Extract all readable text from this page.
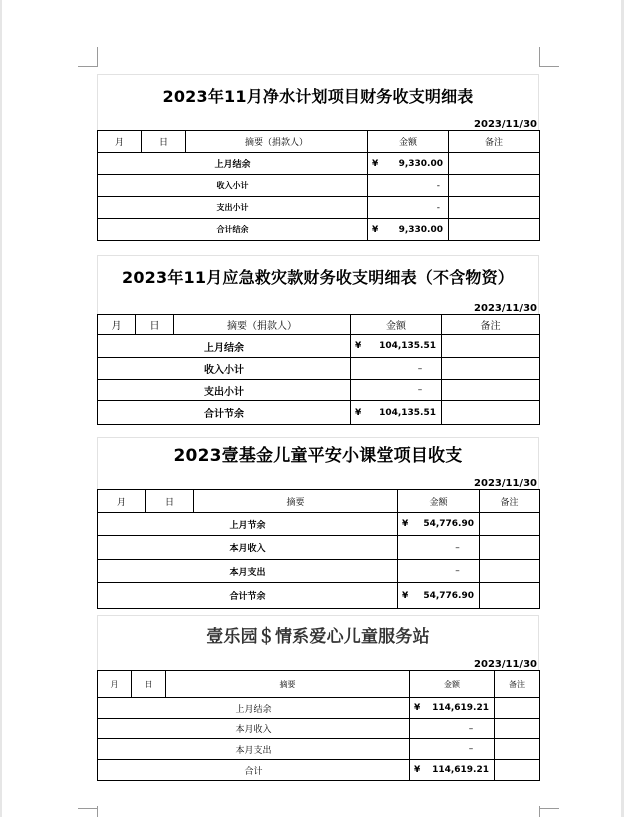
2023年11月净水计划项目财务收支明细表
2023/11/30
月	日	摘要（捐款人）	金额	备注
上月结余			¥ 9,330.00	

收入小计			-	
支出小计			-	
合计结余			¥ 9,330.00	

2023年11月应急救灾款财务收支明细表（不含物资）
2023/11/30
月	日	摘要（捐款人）	金额	备注
上月结余			¥ 104,135.51	

收入小计			–	
支出小计			–	
合计节余			¥ 104,135.51	

2023壹基金儿童平安小课堂项目收支
2023/11/30
月	日	摘要	金额	备注
上月节余			¥ 54,776.90	

本月收入			–	
本月支出			–	
合计节余			¥ 54,776.90	

壹乐园＄情系爱心儿童服务站
2023/11/30
月	日	摘要	金额	备注
上月结余			¥ 114,619.21	

本月收入			–	
本月支出			–	
合计			¥ 114,619.21	
